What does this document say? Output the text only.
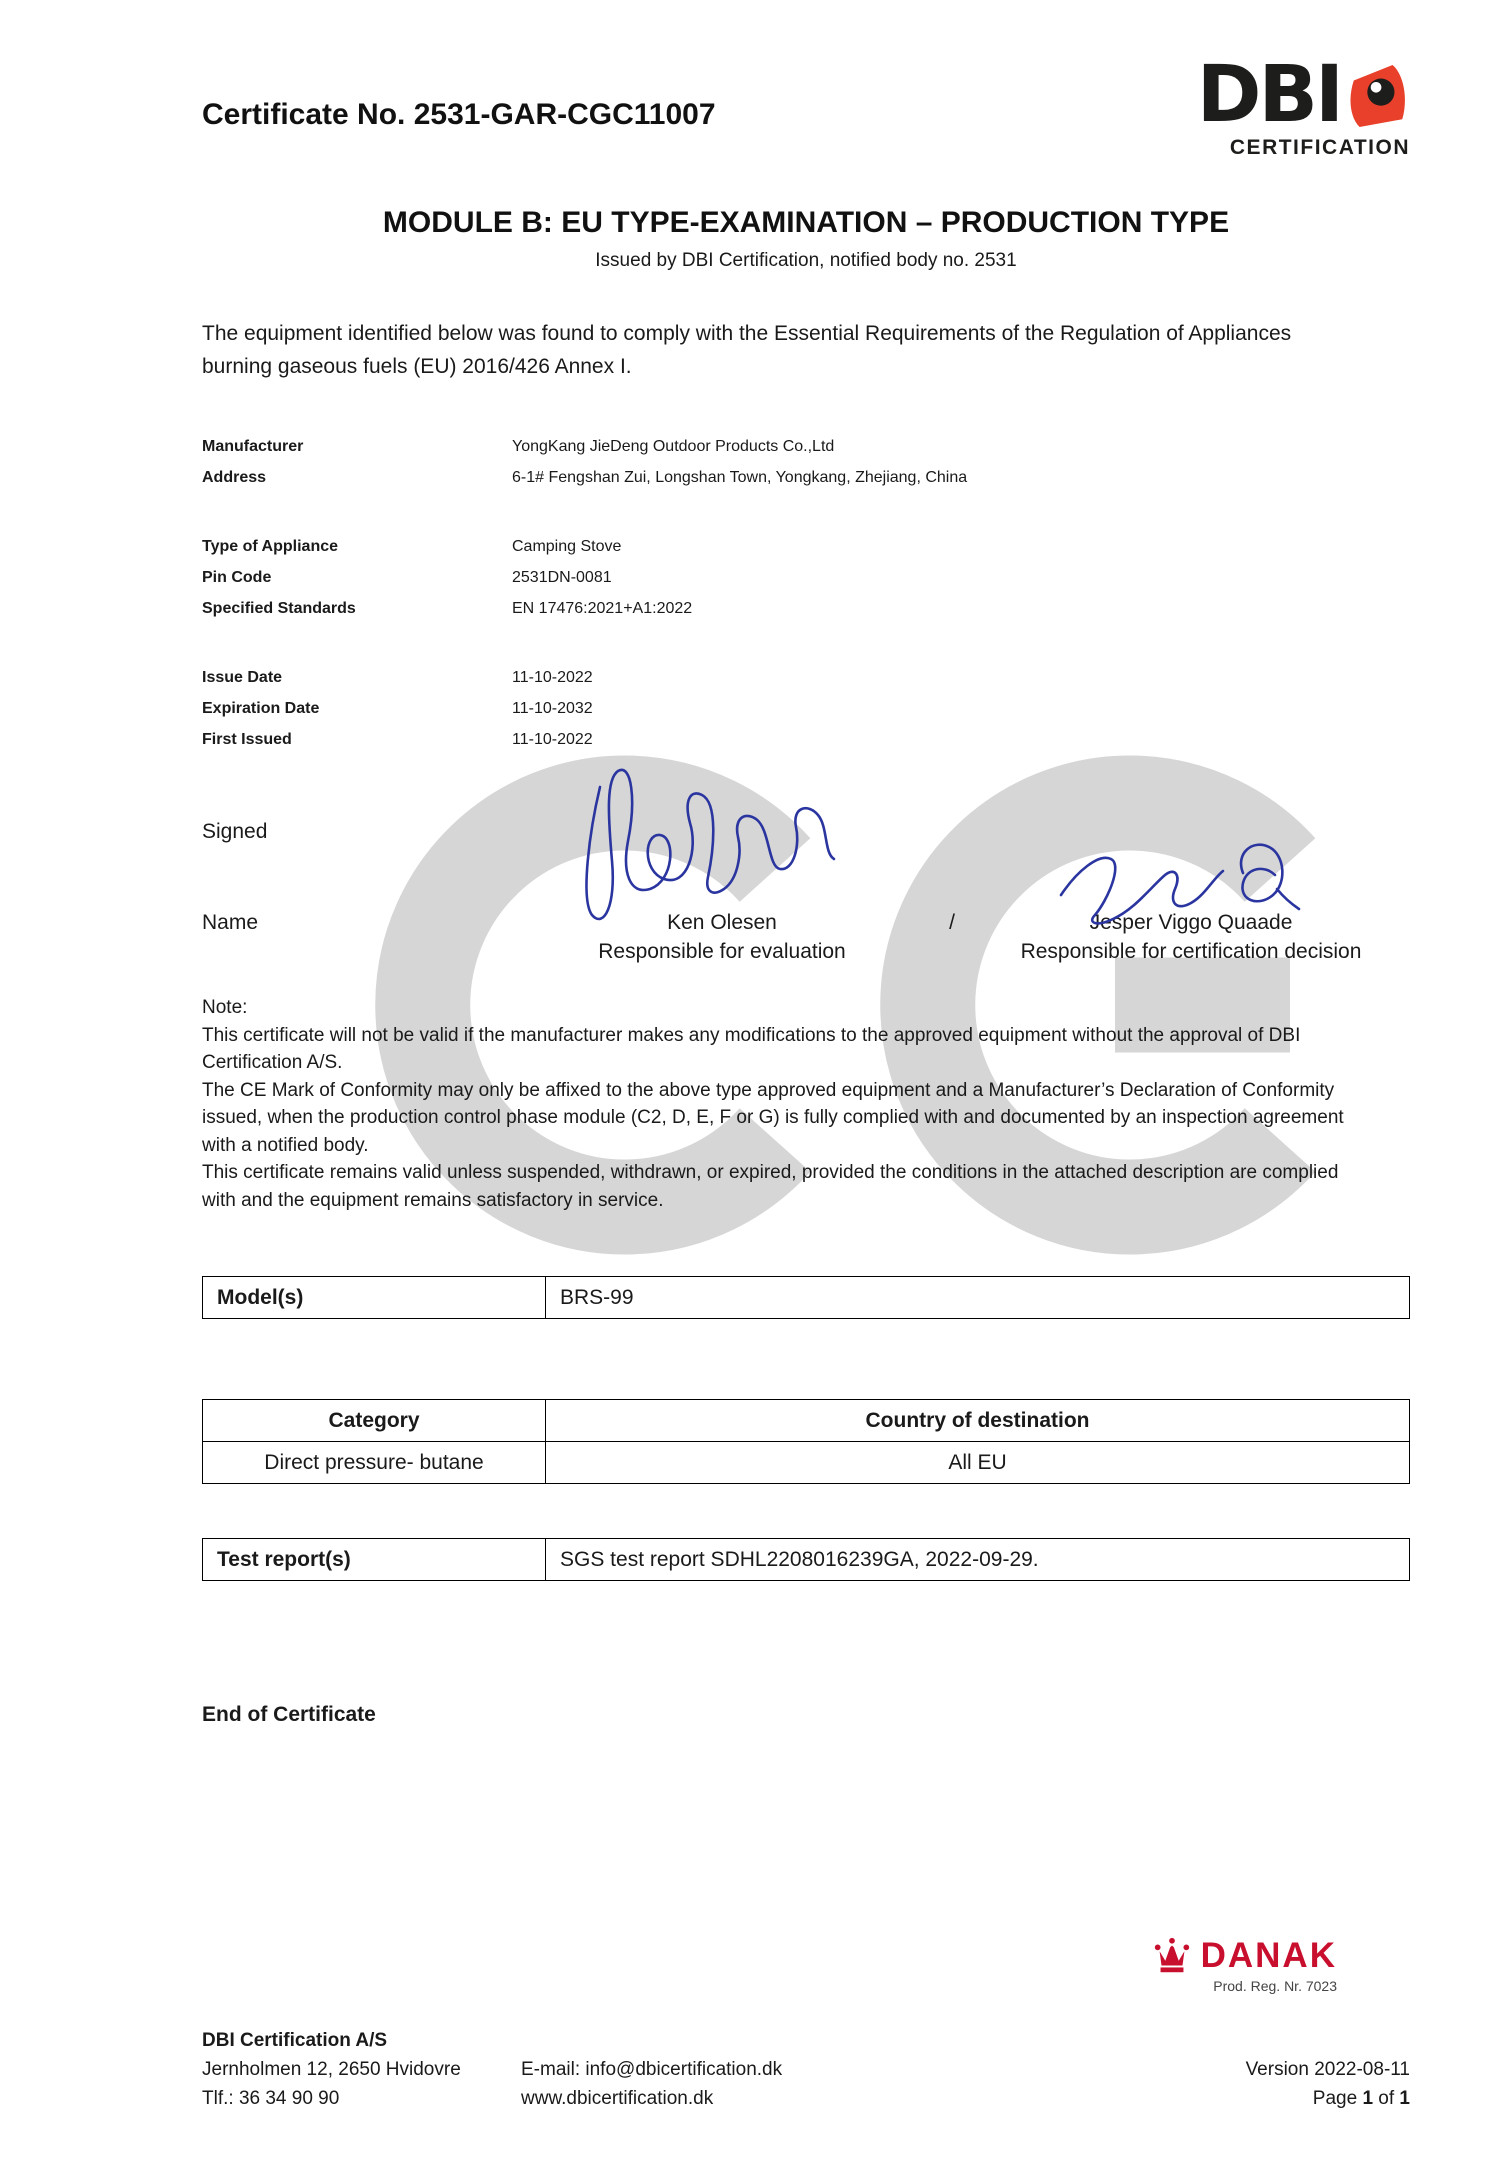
Certificate No. 2531-GAR-CGC11007	DBI
CERTIFICATION
MODULE B: EU TYPE-EXAMINATION – PRODUCTION TYPE
Issued by DBI Certification, notified body no. 2531

The equipment identified below was found to comply with the Essential Requirements of the Regulation of Appliances burning gaseous fuels (EU) 2016/426 Annex I.

Manufacturer	YongKang JieDeng Outdoor Products Co.,Ltd
Address	6-1# Fengshan Zui, Longshan Town, Yongkang, Zhejiang, China
Type of Appliance	Camping Stove
Pin Code	2531DN-0081
Specified Standards	EN 17476:2021+A1:2022
Issue Date	11-10-2022
Expiration Date	11-10-2032
First Issued	11-10-2022
Signed
Name	Ken Olesen
Responsible for evaluation
/	Jesper Viggo Quaade
Responsible for certification decision
Note:

This certificate will not be valid if the manufacturer makes any modifications to the approved equipment without the approval of DBI Certification A/S.

The CE Mark of Conformity may only be affixed to the above type approved equipment and a Manufacturer’s Declaration of Conformity issued, when the production control phase module (C2, D, E, F or G) is fully complied with and documented by an inspection agreement with a notified body.

This certificate remains valid unless suspended, withdrawn, or expired, provided the conditions in the attached description are complied with and the equipment remains satisfactory in service.

Model(s)	BRS-99
Category	Country of destination
Direct pressure- butane	All EU
Test report(s)	SGS test report SDHL2208016239GA, 2022-09-29.
End of Certificate
DANAK
Prod. Reg. Nr. 7023
DBI Certification A/S
Jernholmen 12, 2650 Hvidovre
Tlf.: 36 34 90 90
E-mail: info@dbicertification.dk
www.dbicertification.dk
Version 2022-08-11
Page 1 of 1
